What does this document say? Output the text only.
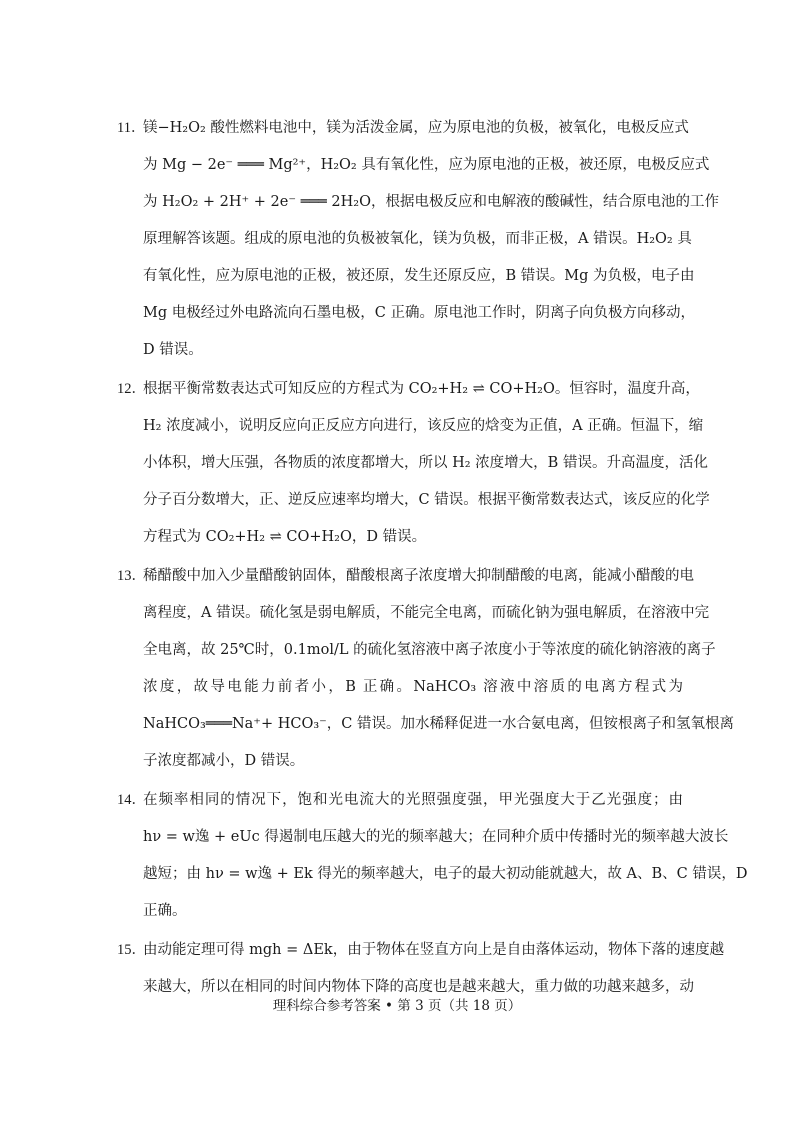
11．
镁−H₂O₂ 酸性燃料电池中，镁为活泼金属，应为原电池的负极，被氧化，电极反应式
为 Mg − 2e⁻ ═══ Mg²⁺，H₂O₂ 具有氧化性，应为原电池的正极，被还原，电极反应式
为 H₂O₂ + 2H⁺ + 2e⁻ ═══ 2H₂O，根据电极反应和电解液的酸碱性，结合原电池的工作
原理解答该题。组成的原电池的负极被氧化，镁为负极，而非正极，A 错误。H₂O₂ 具
有氧化性，应为原电池的正极，被还原，发生还原反应，B 错误。Mg 为负极，电子由
Mg 电极经过外电路流向石墨电极，C 正确。原电池工作时，阴离子向负极方向移动，
D 错误。
12．
根据平衡常数表达式可知反应的方程式为 CO₂+H₂ ⇌ CO+H₂O。恒容时，温度升高，
H₂ 浓度减小，说明反应向正反应方向进行，该反应的焓变为正值，A 正确。恒温下，缩
小体积，增大压强，各物质的浓度都增大，所以 H₂ 浓度增大，B 错误。升高温度，活化
分子百分数增大，正、逆反应速率均增大，C 错误。根据平衡常数表达式，该反应的化学
方程式为 CO₂+H₂ ⇌ CO+H₂O，D 错误。
13．
稀醋酸中加入少量醋酸钠固体，醋酸根离子浓度增大抑制醋酸的电离，能减小醋酸的电
离程度，A 错误。硫化氢是弱电解质，不能完全电离，而硫化钠为强电解质，在溶液中完
全电离，故 25℃时，0.1mol/L 的硫化氢溶液中离子浓度小于等浓度的硫化钠溶液的离子
浓度，故导电能力前者小，B 正确。NaHCO₃ 溶液中溶质的电离方程式为
NaHCO₃═══Na⁺+ HCO₃⁻，C 错误。加水稀释促进一水合氨电离，但铵根离子和氢氧根离
子浓度都减小，D 错误。
14．
在频率相同的情况下，饱和光电流大的光照强度强，甲光强度大于乙光强度；由
hν = w逸 + eUc 得遏制电压越大的光的频率越大；在同种介质中传播时光的频率越大波长
越短；由 hν = w逸 + Ek 得光的频率越大，电子的最大初动能就越大，故 A、B、C 错误，D
正确。
15．
由动能定理可得 mgh = ΔEk，由于物体在竖直方向上是自由落体运动，物体下落的速度越
来越大，所以在相同的时间内物体下降的高度也是越来越大，重力做的功越来越多，动
理科综合参考答案 • 第 3 页（共 18 页）
